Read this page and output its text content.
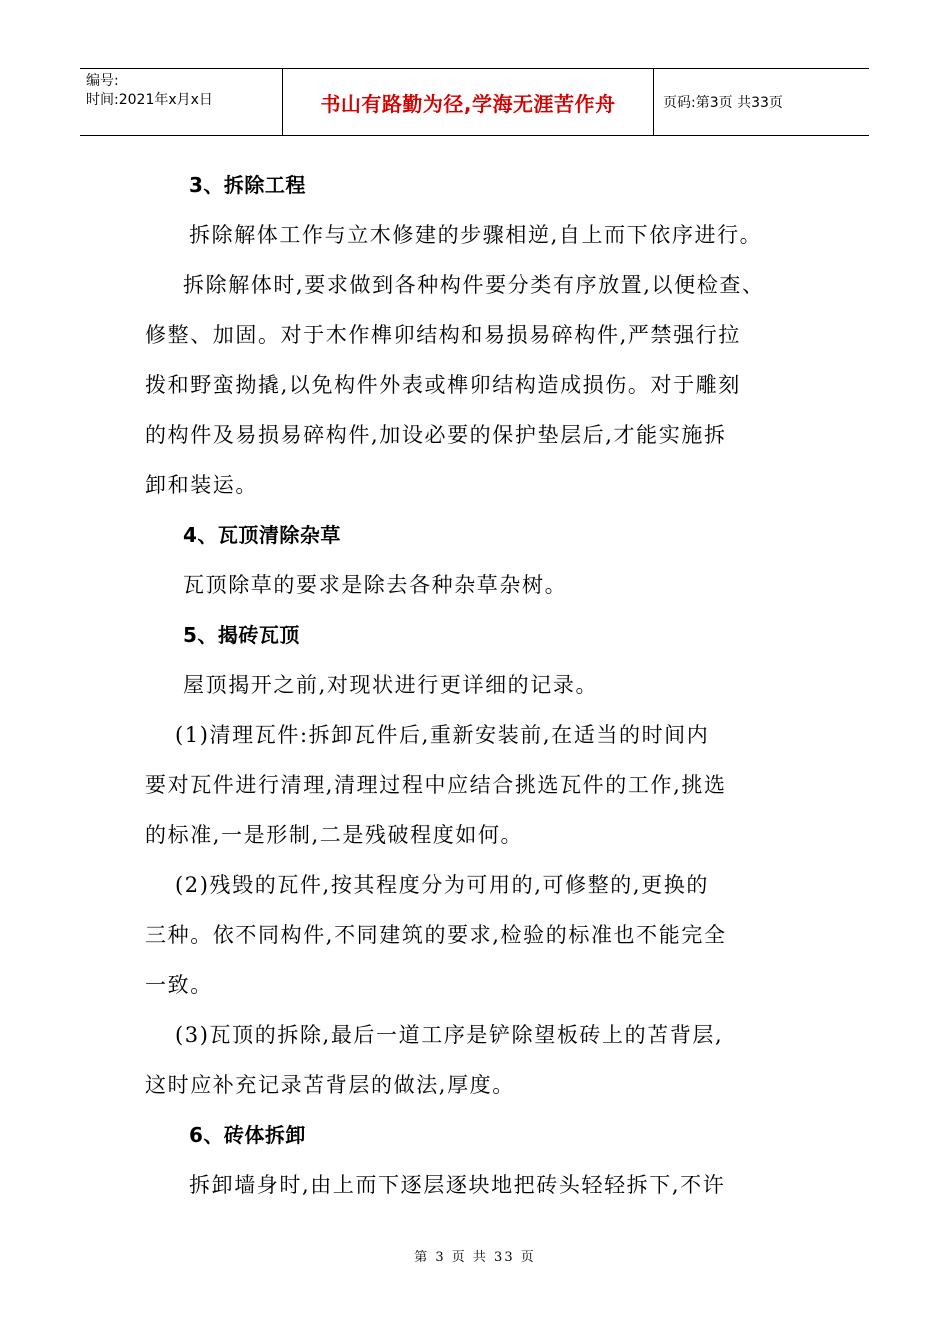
编号:
时间:2021年x月x日	书山有路勤为径,学海无涯苦作舟	页码:第3页 共33页
3、拆除工程
拆除解体工作与立木修建的步骤相逆,自上而下依序进行。
拆除解体时,要求做到各种构件要分类有序放置,以便检查、
修整、加固。对于木作榫卯结构和易损易碎构件,严禁强行拉
拨和野蛮拗撬,以免构件外表或榫卯结构造成损伤。对于雕刻
的构件及易损易碎构件,加设必要的保护垫层后,才能实施拆
卸和装运。
4、瓦顶清除杂草
瓦顶除草的要求是除去各种杂草杂树。
5、揭砖瓦顶
屋顶揭开之前,对现状进行更详细的记录。
(1)清理瓦件:拆卸瓦件后,重新安装前,在适当的时间内
要对瓦件进行清理,清理过程中应结合挑选瓦件的工作,挑选
的标准,一是形制,二是残破程度如何。
(2)残毁的瓦件,按其程度分为可用的,可修整的,更换的
三种。依不同构件,不同建筑的要求,检验的标准也不能完全
一致。
(3)瓦顶的拆除,最后一道工序是铲除望板砖上的苫背层,
这时应补充记录苫背层的做法,厚度。
6、砖体拆卸
拆卸墙身时,由上而下逐层逐块地把砖头轻轻拆下,不许
第 3 页 共 33 页
